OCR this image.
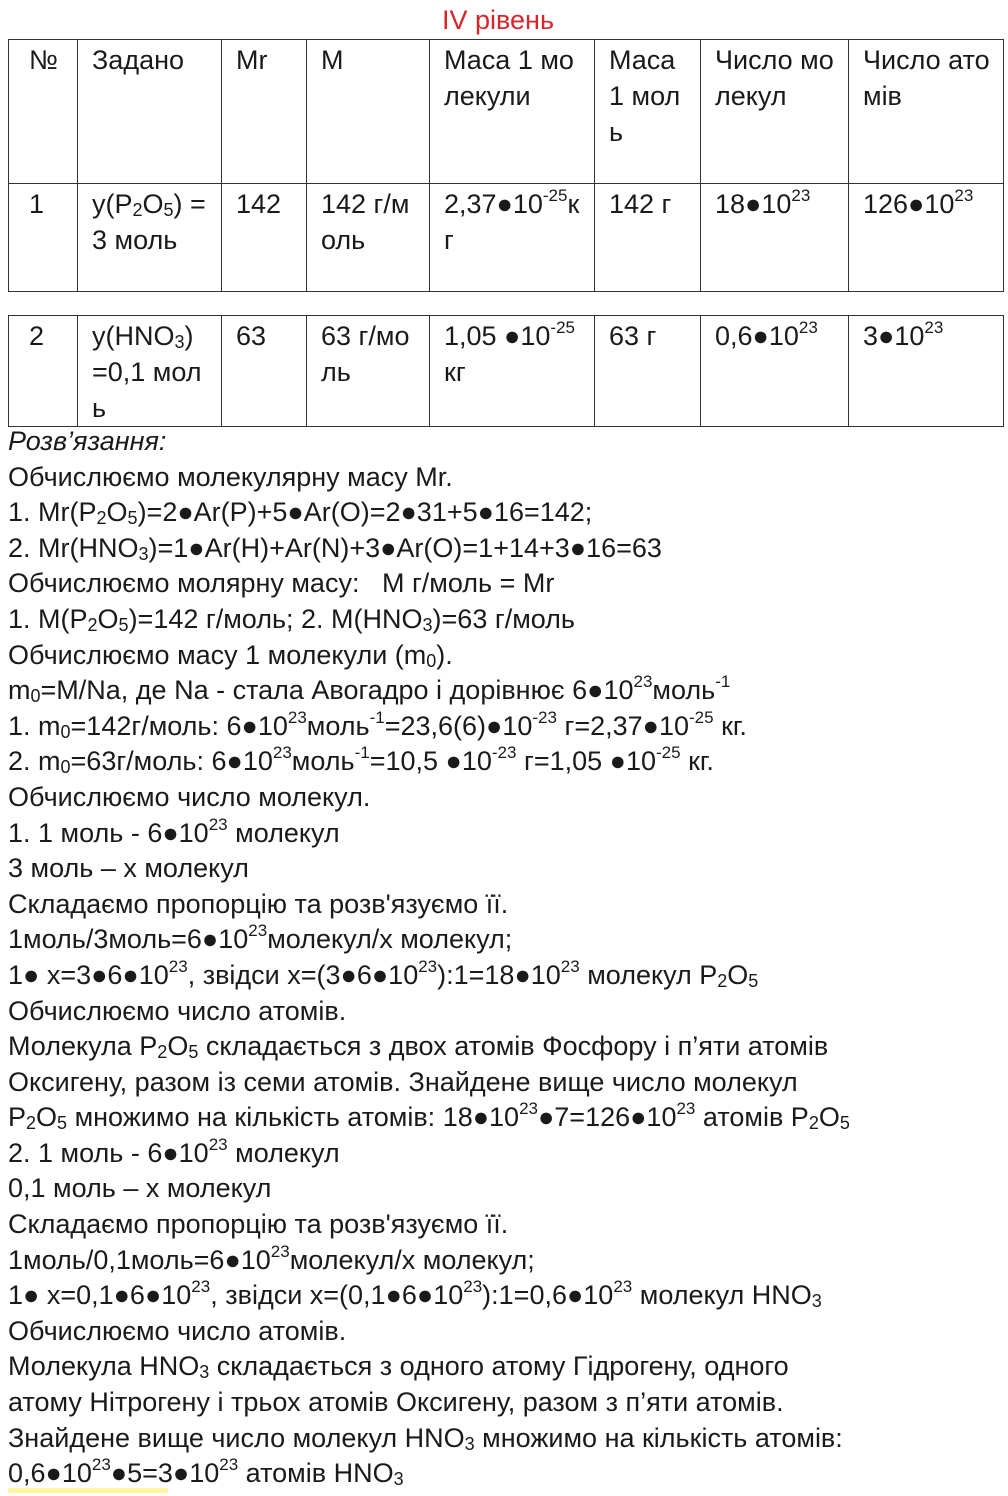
IV рівень
№	Задано	Mr	M	Маса 1 молекули	Маса 1 моль	Число молекул	Число атомів
1	$y(P_2O_5) = 3$ моль	142	142 г/моль	$2,37●10^{-25}кг$	142 г	$18●10^{23}$	$126●10^{23}$
2	$y(HNO_3) =0,1$ моль	63	63 г/моль	1,05 $●10^{-25}$ кг	63 г	$0,6●10^{23}$	$3●10^{23}$
Розв’язання:
Обчислюємо молекулярну масу Mr.
1. $Mr(P_2O_5)=2●Ar(P)+5●Ar(O)=2●31+5●16=142$;
2. $Mr(HNO_3)=1●Ar(H)+Ar(N)+3●Ar(O)=1+14+3●16=63$
Обчислюємо молярну масу:   M г/моль = Mr
1. $M(P_2O_5)=142$ г/моль; 2. $M(HNO_3)=63$ г/моль
Обчислюємо масу 1 молекули $(m_0)$.
$m_0=M/Na$, де Na - стала Авогадро і дорівнює $6●10^{23}моль^{-1}$
1. $m_0=142г$/моль: $6●10^{23}моль^{-1}=23,6(6)●10^{-23}$ $г=2,37●10^{-25}$ кг.
2. $m_0=63г$/моль: $6●10^{23}моль^{-1}=10,5$ $●10^{-23}$ г=1,05 $●10^{-25}$ кг.
Обчислюємо число молекул.
1. 1 моль - $6●10^{23}$ молекул
3 моль – х молекул
Складаємо пропорцію та розв'язуємо її.
$1моль/3моль=6●10^{23}молекул/х$ молекул;
1● $х=3●6●10^{23}$, звідси $х=(3●6●10^{23}):1=18●10^{23}$ молекул $P_2O_5$
Обчислюємо число атомів.
Молекула $P_2O_5$ складається з двох атомів Фосфору і п’яти атомів
Оксигену, разом із семи атомів. Знайдене вище число молекул
$P_2O_5$ множимо на кількість атомів: $18●10^{23}●7=126●10^{23}$ атомів $P_2O_5$
2. 1 моль - $6●10^{23}$ молекул
0,1 моль – х молекул
Складаємо пропорцію та розв'язуємо її.
$1моль/0,1моль=6●10^{23}молекул/х$ молекул;
1● $х=0,1●6●10^{23}$, звідси $х=(0,1●6●10^{23}):1=0,6●10^{23}$ молекул $HNO_3$
Обчислюємо число атомів.
Молекула $HNO_3$ складається з одного атому Гідрогену, одного
атому Нітрогену і трьох атомів Оксигену, разом з п’яти атомів.
Знайдене вище число молекул $HNO_3$ множимо на кількість атомів:
$0,6●10^{23}●5=3●10^{23}$ атомів $HNO_3$
